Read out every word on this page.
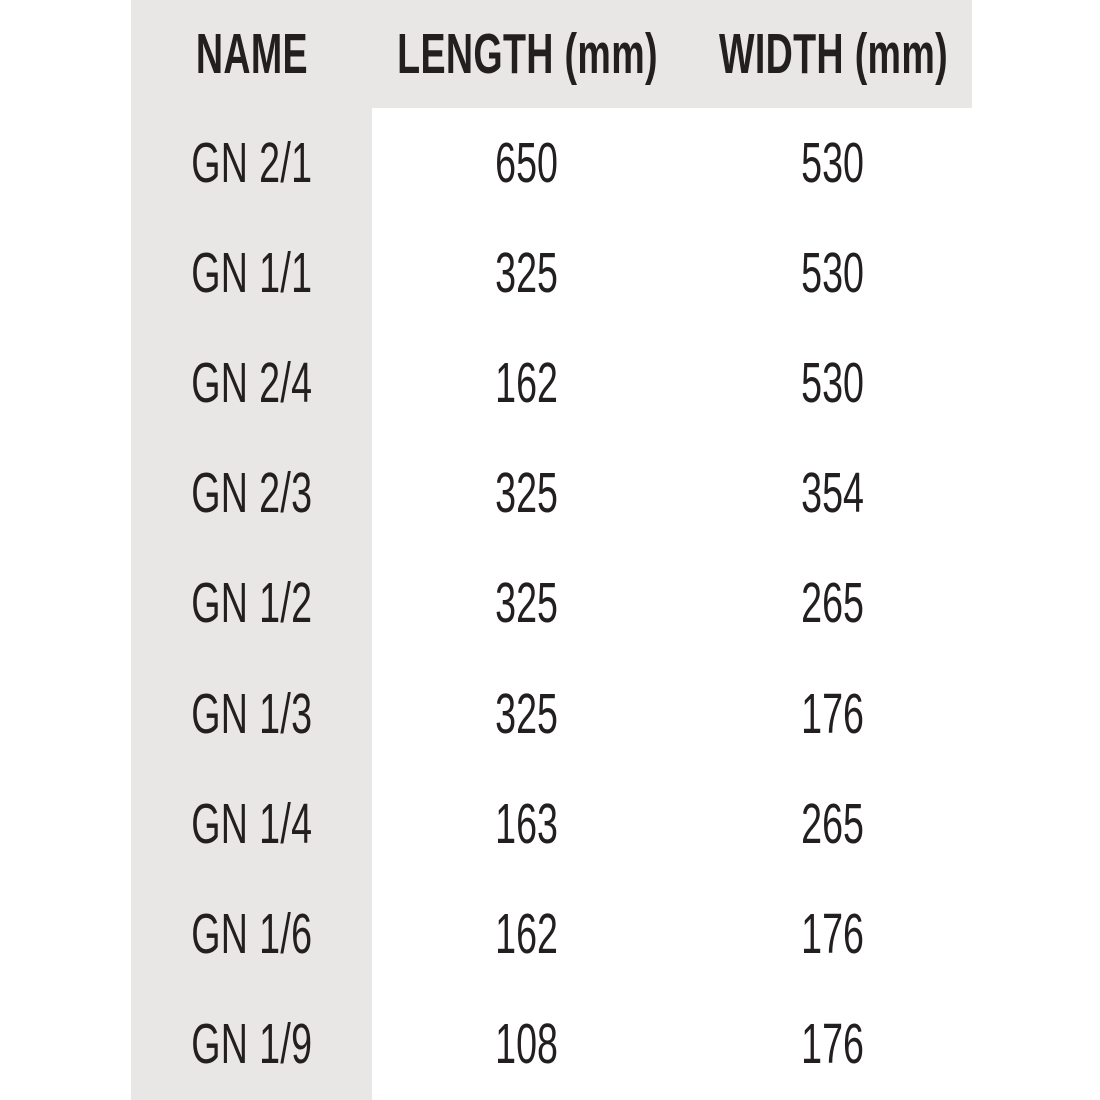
NAME LENGTH (mm) WIDTH (mm)
GN 2/1	650	530
GN 1/1	325	530
GN 2/4	162	530
GN 2/3	325	354
GN 1/2	325	265
GN 1/3	325	176
GN 1/4	163	265
GN 1/6	162	176
GN 1/9	108	176
